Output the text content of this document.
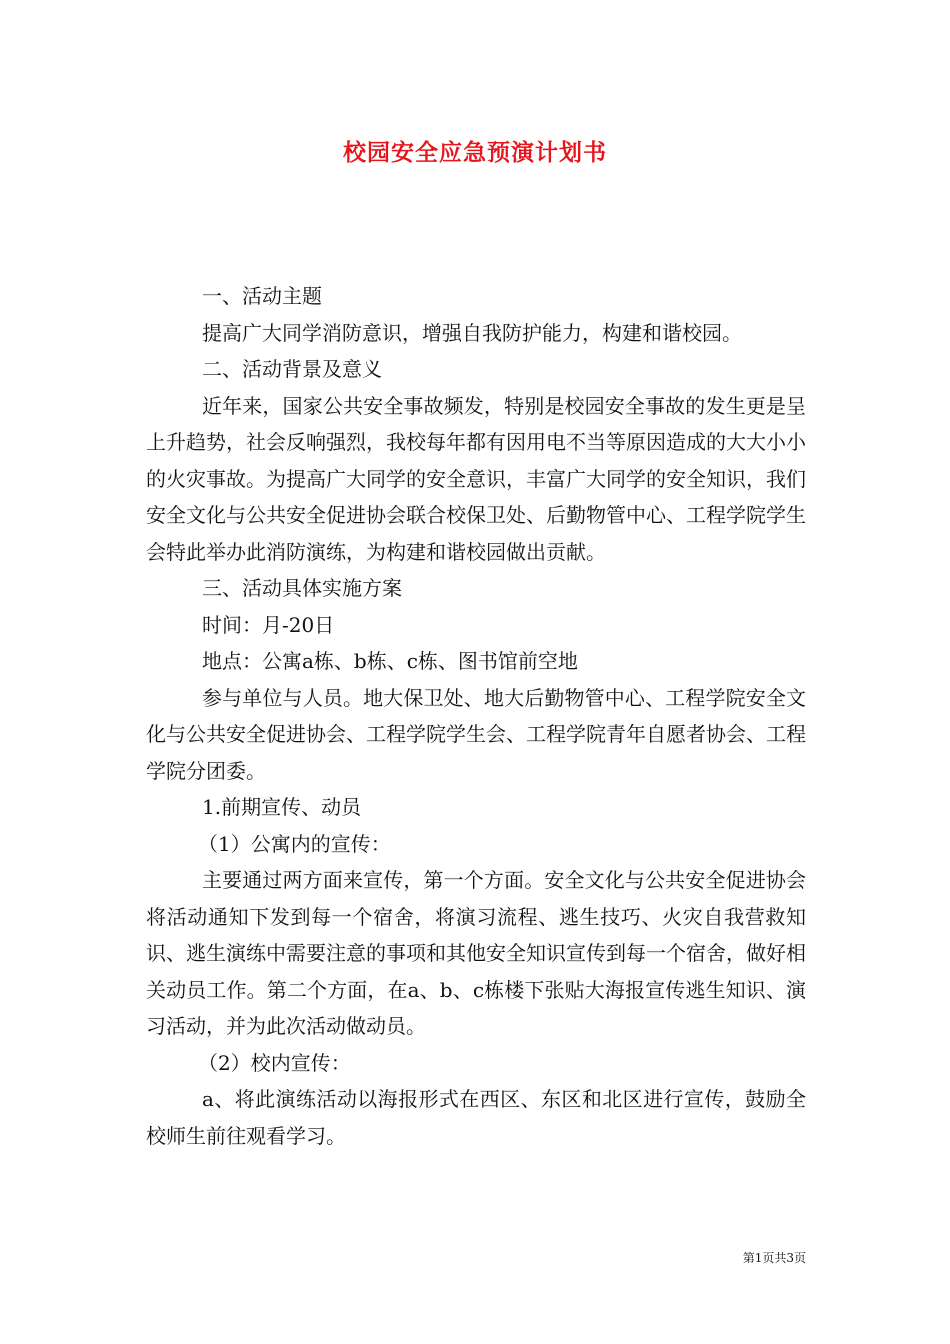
校园安全应急预演计划书

一、活动主题

提高广大同学消防意识，增强自我防护能力，构建和谐校园。

二、活动背景及意义

近年来，国家公共安全事故频发，特别是校园安全事故的发生更是呈上升趋势，社会反响强烈，我校每年都有因用电不当等原因造成的大大小小的火灾事故。为提高广大同学的安全意识，丰富广大同学的安全知识，我们安全文化与公共安全促进协会联合校保卫处、后勤物管中心、工程学院学生会特此举办此消防演练，为构建和谐校园做出贡献。

三、活动具体实施方案

时间：月-20日

地点：公寓a栋、b栋、c栋、图书馆前空地

参与单位与人员。地大保卫处、地大后勤物管中心、工程学院安全文化与公共安全促进协会、工程学院学生会、工程学院青年自愿者协会、工程学院分团委。

1.前期宣传、动员

（1）公寓内的宣传：

主要通过两方面来宣传，第一个方面。安全文化与公共安全促进协会将活动通知下发到每一个宿舍，将演习流程、逃生技巧、火灾自我营救知识、逃生演练中需要注意的事项和其他安全知识宣传到每一个宿舍，做好相关动员工作。第二个方面，在a、b、c栋楼下张贴大海报宣传逃生知识、演习活动，并为此次活动做动员。

（2）校内宣传：

a、将此演练活动以海报形式在西区、东区和北区进行宣传，鼓励全校师生前往观看学习。

第1页共3页
